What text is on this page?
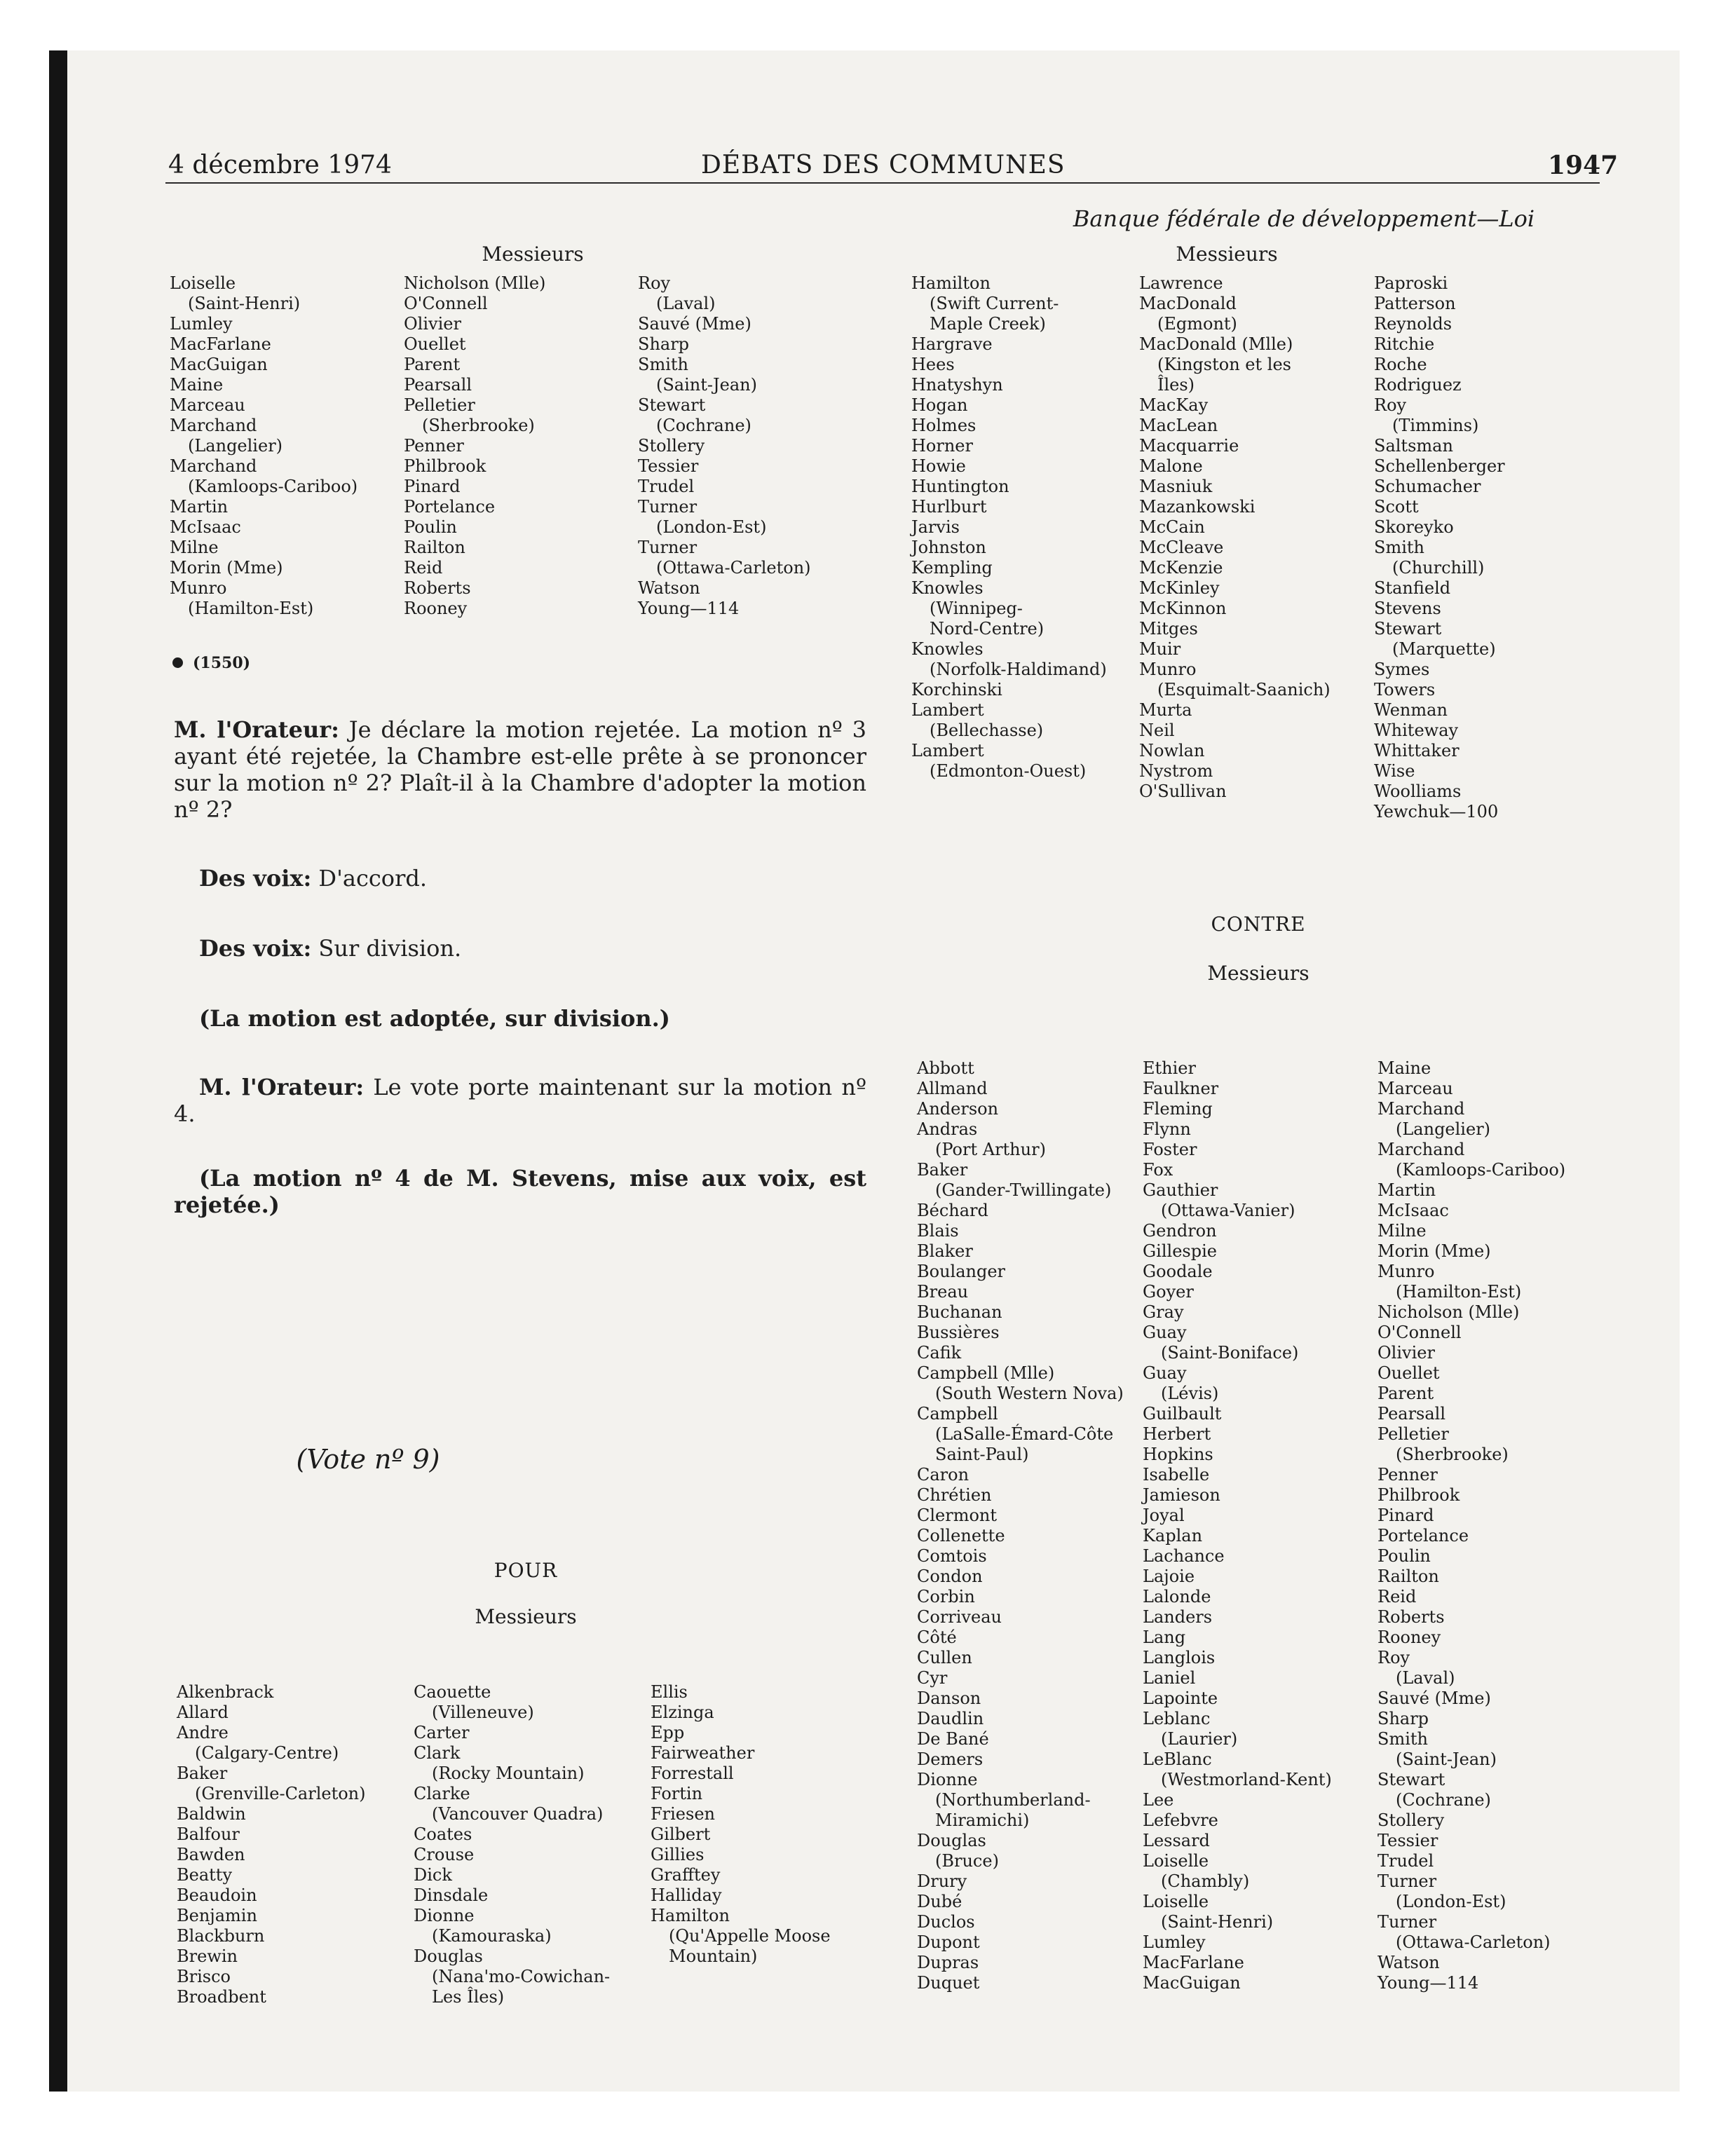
4 décembre 1974	DÉBATS DES COMMUNES	1947
Banque fédérale de développement—Loi
Messieurs
Loiselle
(Saint-Henri)
Lumley
MacFarlane
MacGuigan
Maine
Marceau
Marchand
(Langelier)
Marchand
(Kamloops-Cariboo)
Martin
McIsaac
Milne
Morin (Mme)
Munro
(Hamilton-Est)
Nicholson (Mlle)
O'Connell
Olivier
Ouellet
Parent
Pearsall
Pelletier
(Sherbrooke)
Penner
Philbrook
Pinard
Portelance
Poulin
Railton
Reid
Roberts
Rooney
Roy
(Laval)
Sauvé (Mme)
Sharp
Smith
(Saint-Jean)
Stewart
(Cochrane)
Stollery
Tessier
Trudel
Turner
(London-Est)
Turner
(Ottawa-Carleton)
Watson
Young—114
(1550)

M. l'Orateur: Je déclare la motion rejetée. La motion nº 3 ayant été rejetée, la Chambre est-elle prête à se prononcer sur la motion nº 2? Plaît-il à la Chambre d'adopter la motion nº 2?

Des voix: D'accord.

Des voix: Sur division.

(La motion est adoptée, sur division.)

M. l'Orateur: Le vote porte maintenant sur la motion nº 4.

(La motion nº 4 de M. Stevens, mise aux voix, est rejetée.)

(Vote nº 9)
POUR
Messieurs
Alkenbrack
Allard
Andre
(Calgary-Centre)
Baker
(Grenville-Carleton)
Baldwin
Balfour
Bawden
Beatty
Beaudoin
Benjamin
Blackburn
Brewin
Brisco
Broadbent
Caouette
(Villeneuve)
Carter
Clark
(Rocky Mountain)
Clarke
(Vancouver Quadra)
Coates
Crouse
Dick
Dinsdale
Dionne
(Kamouraska)
Douglas
(Nana'mo-Cowichan-
Les Îles)
Ellis
Elzinga
Epp
Fairweather
Forrestall
Fortin
Friesen
Gilbert
Gillies
Grafftey
Halliday
Hamilton
(Qu'Appelle Moose
Mountain)
Messieurs
Hamilton
(Swift Current-
Maple Creek)
Hargrave
Hees
Hnatyshyn
Hogan
Holmes
Horner
Howie
Huntington
Hurlburt
Jarvis
Johnston
Kempling
Knowles
(Winnipeg-
Nord-Centre)
Knowles
(Norfolk-Haldimand)
Korchinski
Lambert
(Bellechasse)
Lambert
(Edmonton-Ouest)
Lawrence
MacDonald
(Egmont)
MacDonald (Mlle)
(Kingston et les
Îles)
MacKay
MacLean
Macquarrie
Malone
Masniuk
Mazankowski
McCain
McCleave
McKenzie
McKinley
McKinnon
Mitges
Muir
Munro
(Esquimalt-Saanich)
Murta
Neil
Nowlan
Nystrom
O'Sullivan
Paproski
Patterson
Reynolds
Ritchie
Roche
Rodriguez
Roy
(Timmins)
Saltsman
Schellenberger
Schumacher
Scott
Skoreyko
Smith
(Churchill)
Stanfield
Stevens
Stewart
(Marquette)
Symes
Towers
Wenman
Whiteway
Whittaker
Wise
Woolliams
Yewchuk—100
CONTRE
Messieurs
Abbott
Allmand
Anderson
Andras
(Port Arthur)
Baker
(Gander-Twillingate)
Béchard
Blais
Blaker
Boulanger
Breau
Buchanan
Bussières
Cafik
Campbell (Mlle)
(South Western Nova)
Campbell
(LaSalle-Émard-Côte
Saint-Paul)
Caron
Chrétien
Clermont
Collenette
Comtois
Condon
Corbin
Corriveau
Côté
Cullen
Cyr
Danson
Daudlin
De Bané
Demers
Dionne
(Northumberland-
Miramichi)
Douglas
(Bruce)
Drury
Dubé
Duclos
Dupont
Dupras
Duquet
Ethier
Faulkner
Fleming
Flynn
Foster
Fox
Gauthier
(Ottawa-Vanier)
Gendron
Gillespie
Goodale
Goyer
Gray
Guay
(Saint-Boniface)
Guay
(Lévis)
Guilbault
Herbert
Hopkins
Isabelle
Jamieson
Joyal
Kaplan
Lachance
Lajoie
Lalonde
Landers
Lang
Langlois
Laniel
Lapointe
Leblanc
(Laurier)
LeBlanc
(Westmorland-Kent)
Lee
Lefebvre
Lessard
Loiselle
(Chambly)
Loiselle
(Saint-Henri)
Lumley
MacFarlane
MacGuigan
Maine
Marceau
Marchand
(Langelier)
Marchand
(Kamloops-Cariboo)
Martin
McIsaac
Milne
Morin (Mme)
Munro
(Hamilton-Est)
Nicholson (Mlle)
O'Connell
Olivier
Ouellet
Parent
Pearsall
Pelletier
(Sherbrooke)
Penner
Philbrook
Pinard
Portelance
Poulin
Railton
Reid
Roberts
Rooney
Roy
(Laval)
Sauvé (Mme)
Sharp
Smith
(Saint-Jean)
Stewart
(Cochrane)
Stollery
Tessier
Trudel
Turner
(London-Est)
Turner
(Ottawa-Carleton)
Watson
Young—114
